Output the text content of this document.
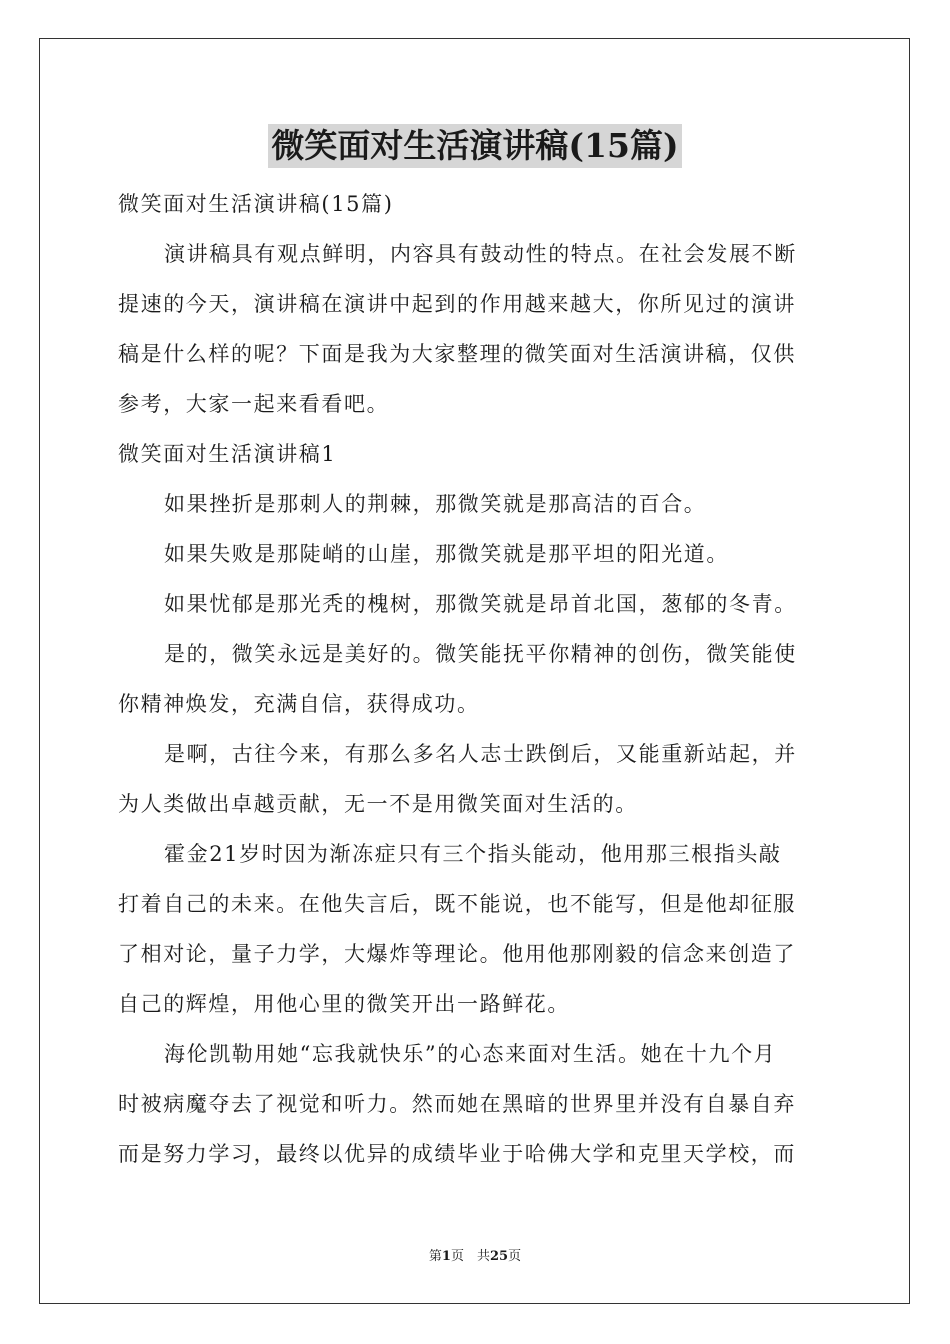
微笑面对生活演讲稿(15篇)
微笑面对生活演讲稿(15篇)
演讲稿具有观点鲜明，内容具有鼓动性的特点。在社会发展不断
提速的今天，演讲稿在演讲中起到的作用越来越大，你所见过的演讲
稿是什么样的呢？下面是我为大家整理的微笑面对生活演讲稿，仅供
参考，大家一起来看看吧。
微笑面对生活演讲稿1
如果挫折是那刺人的荆棘，那微笑就是那高洁的百合。
如果失败是那陡峭的山崖，那微笑就是那平坦的阳光道。
如果忧郁是那光秃的槐树，那微笑就是昂首北国，葱郁的冬青。
是的，微笑永远是美好的。微笑能抚平你精神的创伤，微笑能使
你精神焕发，充满自信，获得成功。
是啊，古往今来，有那么多名人志士跌倒后，又能重新站起，并
为人类做出卓越贡献，无一不是用微笑面对生活的。
霍金21岁时因为渐冻症只有三个指头能动，他用那三根指头敲
打着自己的未来。在他失言后，既不能说，也不能写，但是他却征服
了相对论，量子力学，大爆炸等理论。他用他那刚毅的信念来创造了
自己的辉煌，用他心里的微笑开出一路鲜花。
海伦凯勒用她“忘我就快乐”的心态来面对生活。她在十九个月
时被病魔夺去了视觉和听力。然而她在黑暗的世界里并没有自暴自弃
而是努力学习，最终以优异的成绩毕业于哈佛大学和克里天学校，而
第1页　共25页
